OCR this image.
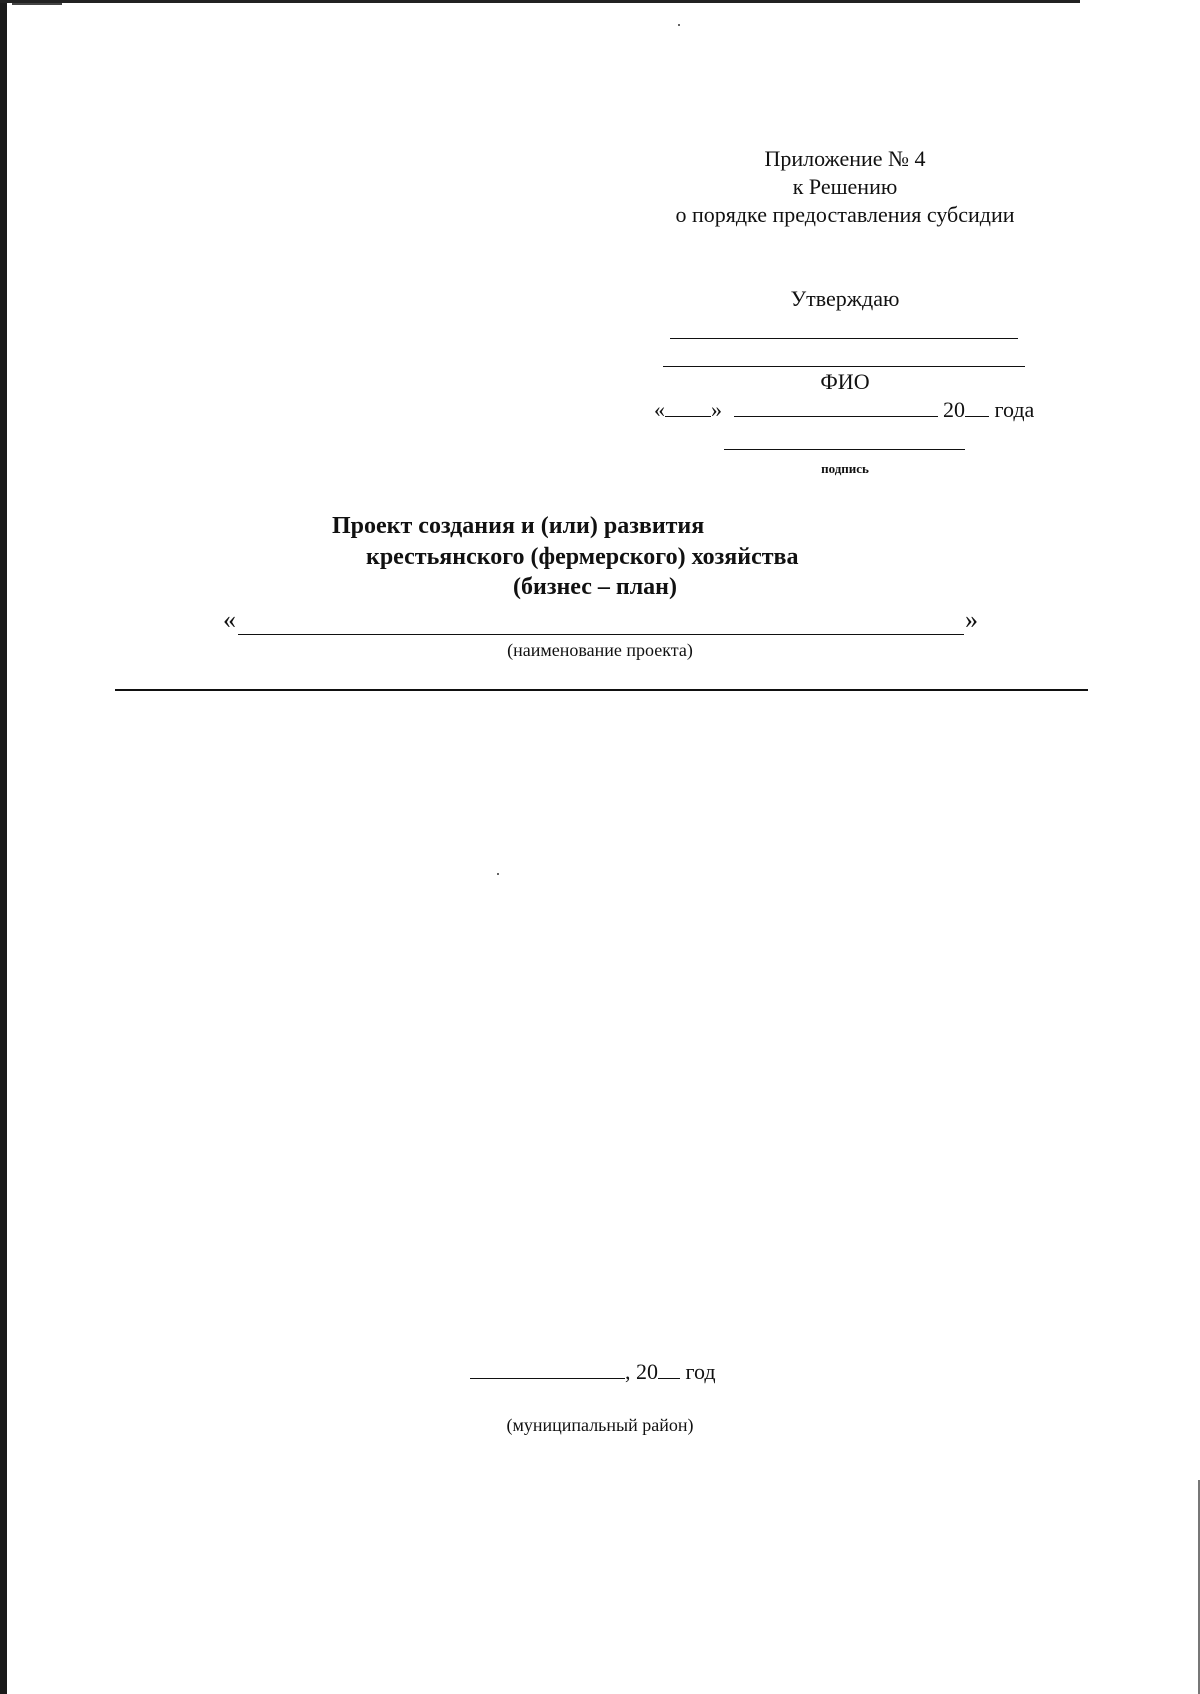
Приложение № 4
к Решению
о порядке предоставления субсидии
Утверждаю
ФИО
« »	20 года
подпись
Проект создания и (или) развития
крестьянского (фермерского) хозяйства
(бизнес – план)
«	»
(наименование проекта)
, 20 год
(муниципальный район)
